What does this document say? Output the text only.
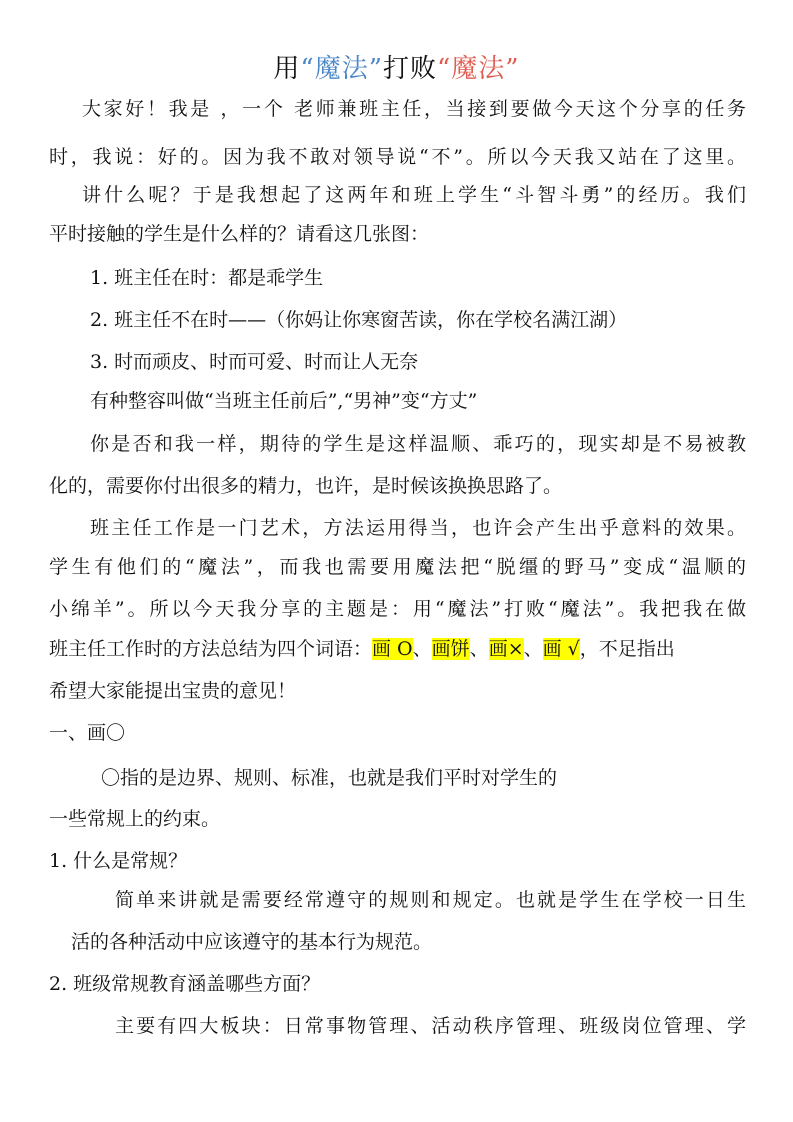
用“魔法”打败“魔法”
大家好！我是 ，一个 老师兼班主任，当接到要做今天这个分享的任务
时，我说：好的。因为我不敢对领导说“不”。所以今天我又站在了这里。
讲什么呢？于是我想起了这两年和班上学生“斗智斗勇”的经历。我们
平时接触的学生是什么样的？请看这几张图：
1. 班主任在时：都是乖学生
2. 班主任不在时——（你妈让你寒窗苦读，你在学校名满江湖）
3. 时而顽皮、时而可爱、时而让人无奈
有种整容叫做“当班主任前后”,“男神”变“方丈”
你是否和我一样，期待的学生是这样温顺、乖巧的，现实却是不易被教
化的，需要你付出很多的精力，也许，是时候该换换思路了。
班主任工作是一门艺术，方法运用得当，也许会产生出乎意料的效果。
学生有他们的“魔法”，而我也需要用魔法把“脱缰的野马”变成“温顺的
小绵羊”。所以今天我分享的主题是：用“魔法”打败“魔法”。我把我在做
班主任工作时的方法总结为四个词语：画 O、画饼、画×、画 √，不足指出
希望大家能提出宝贵的意见！
一、画〇
〇指的是边界、规则、标准，也就是我们平时对学生的
一些常规上的约束。
1. 什么是常规？
简单来讲就是需要经常遵守的规则和规定。也就是学生在学校一日生
活的各种活动中应该遵守的基本行为规范。
2. 班级常规教育涵盖哪些方面？
主要有四大板块：日常事物管理、活动秩序管理、班级岗位管理、学
